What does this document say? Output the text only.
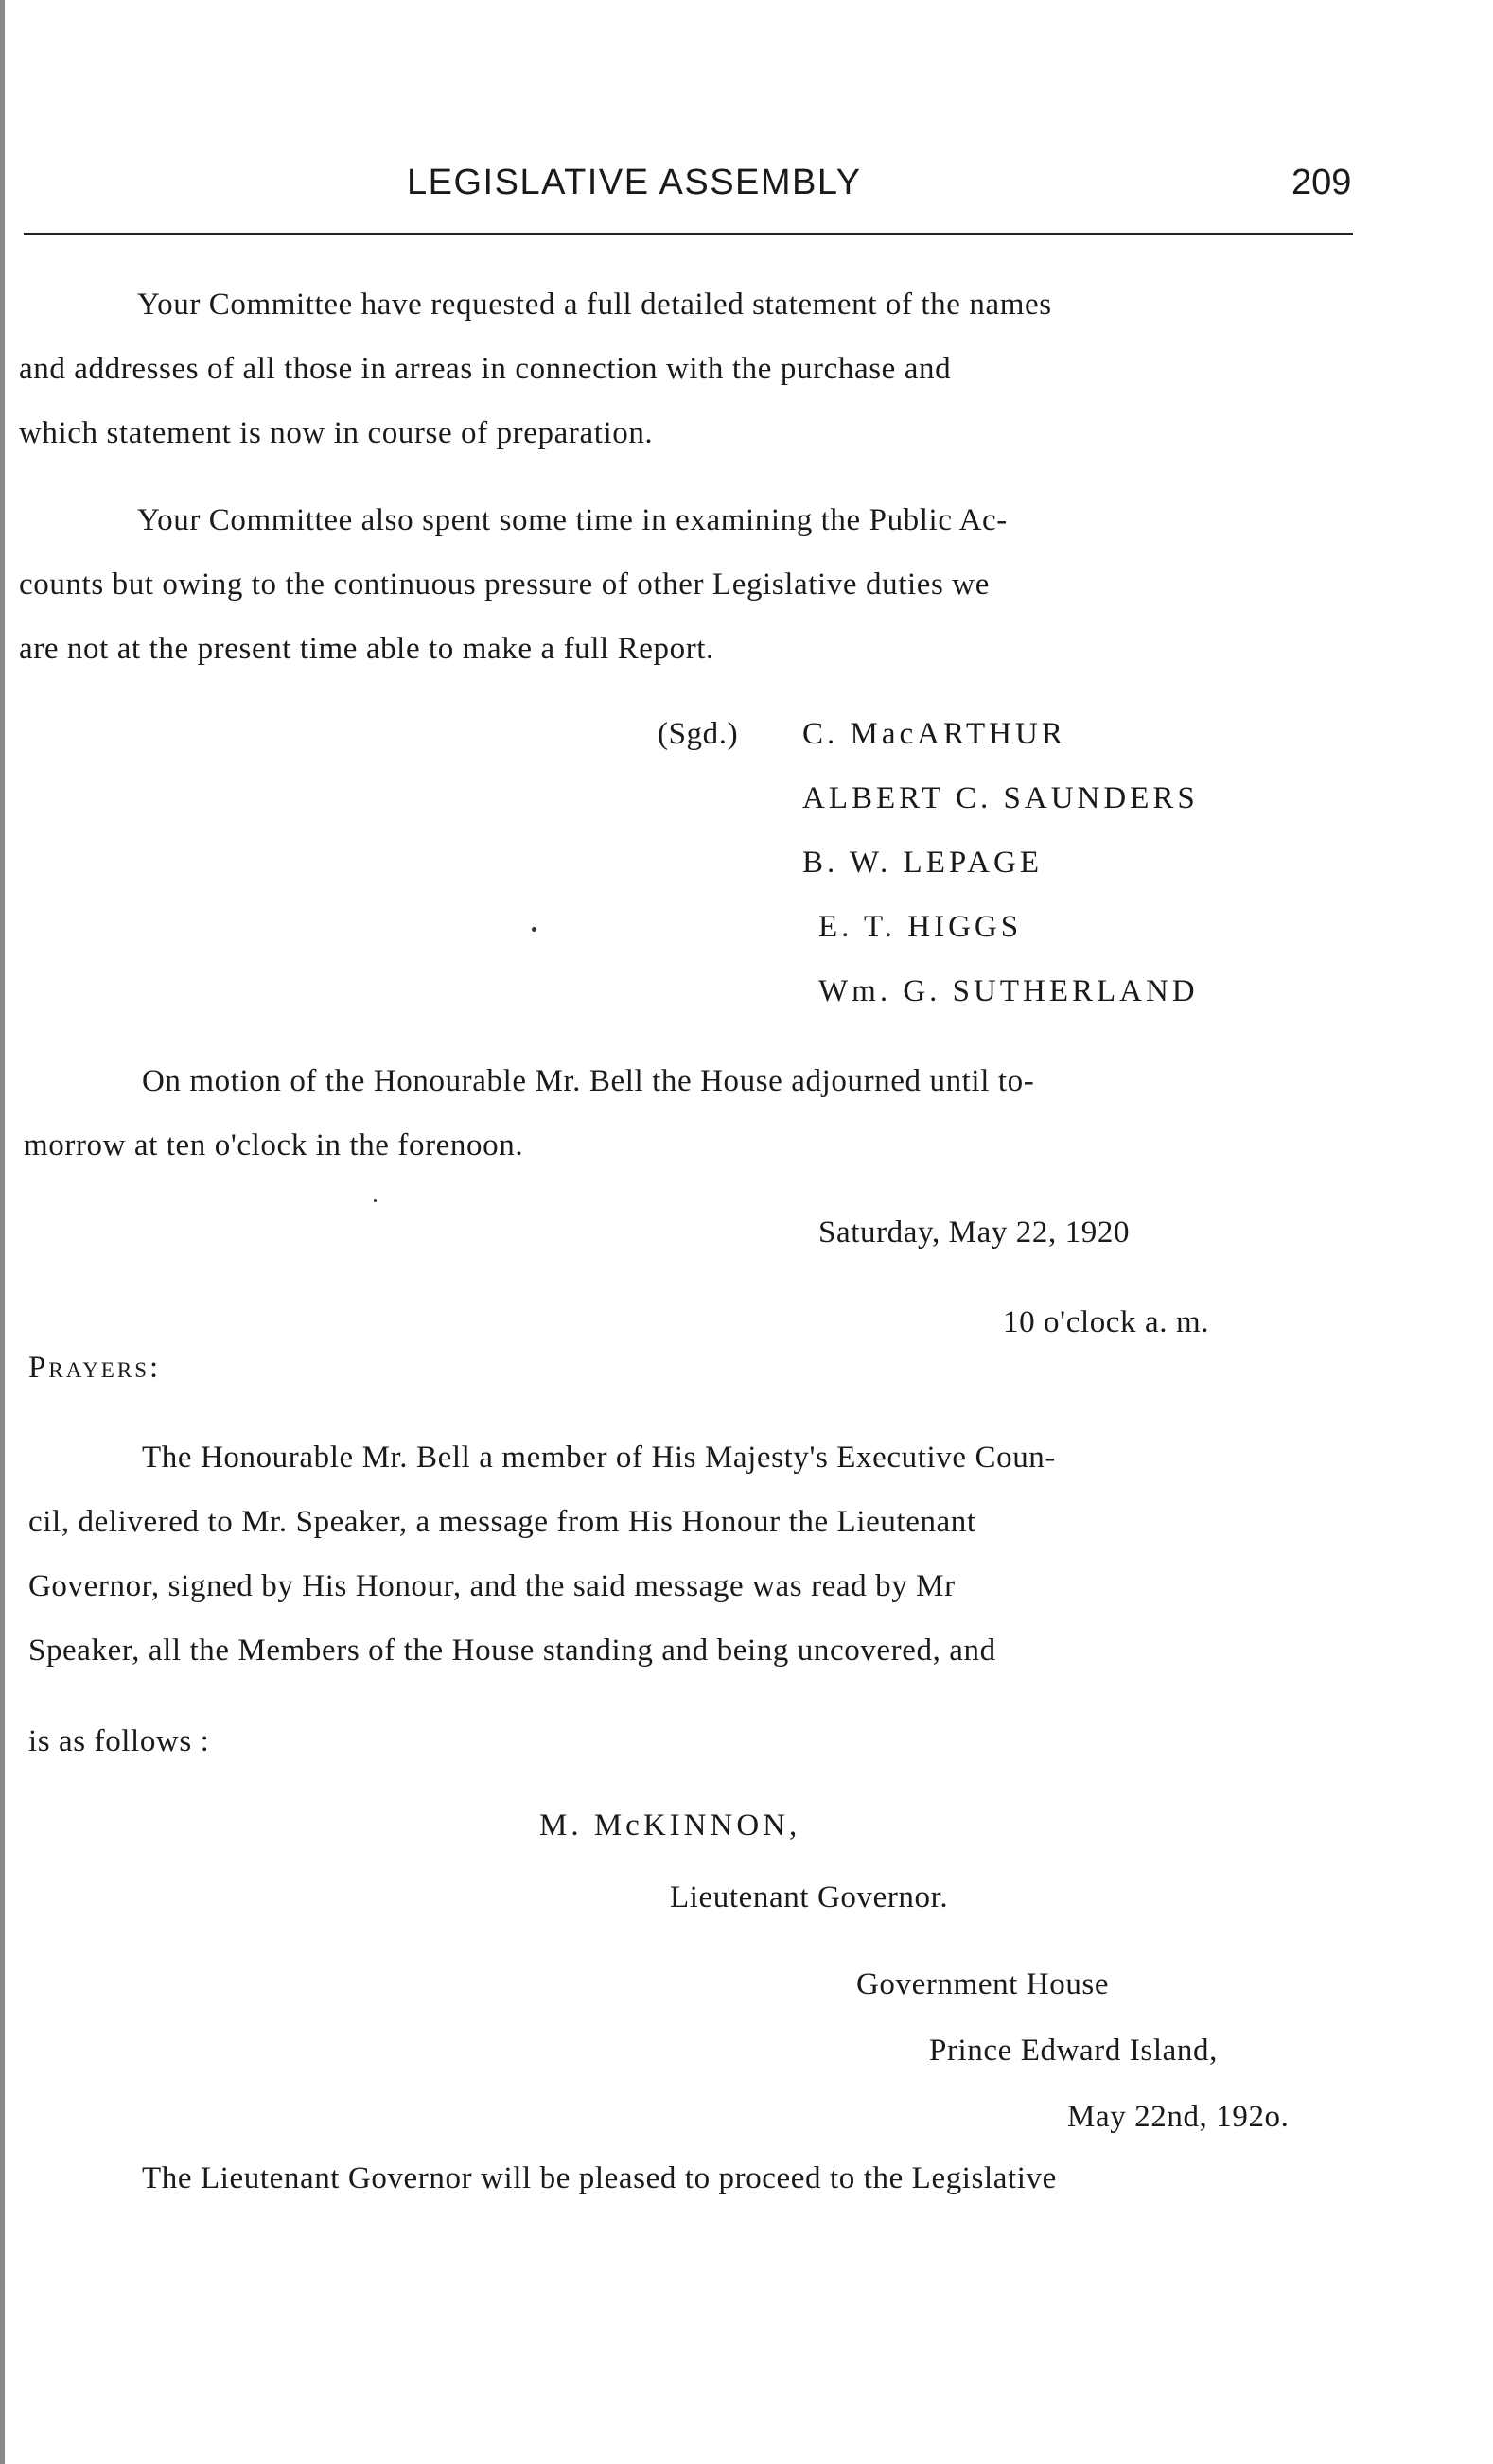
LEGISLATIVE ASSEMBLY	209
Your Committee have requested a full detailed statement of the names
and addresses of all those in arreas in connection with the purchase and
which statement is now in course of preparation.
Your Committee also spent some time in examining the Public Ac-
counts but owing to the continuous pressure of other Legislative duties we
are not at the present time able to make a full Report.
(Sgd.) C. MacARTHUR
ALBERT C. SAUNDERS
B. W. LEPAGE
E. T. HIGGS
Wm. G. SUTHERLAND
On motion of the Honourable Mr. Bell the House adjourned until to-
morrow at ten o'clock in the forenoon.
Saturday, May 22, 1920
10 o'clock a. m.
Prayers:
The Honourable Mr. Bell a member of His Majesty's Executive Coun-
cil, delivered to Mr. Speaker, a message from His Honour the Lieutenant
Governor, signed by His Honour, and the said message was read by Mr
Speaker, all the Members of the House standing and being uncovered, and
is as follows :
M. McKINNON,
Lieutenant Governor.
Government House
Prince Edward Island,
May 22nd, 192o.
The Lieutenant Governor will be pleased to proceed to the Legislative
